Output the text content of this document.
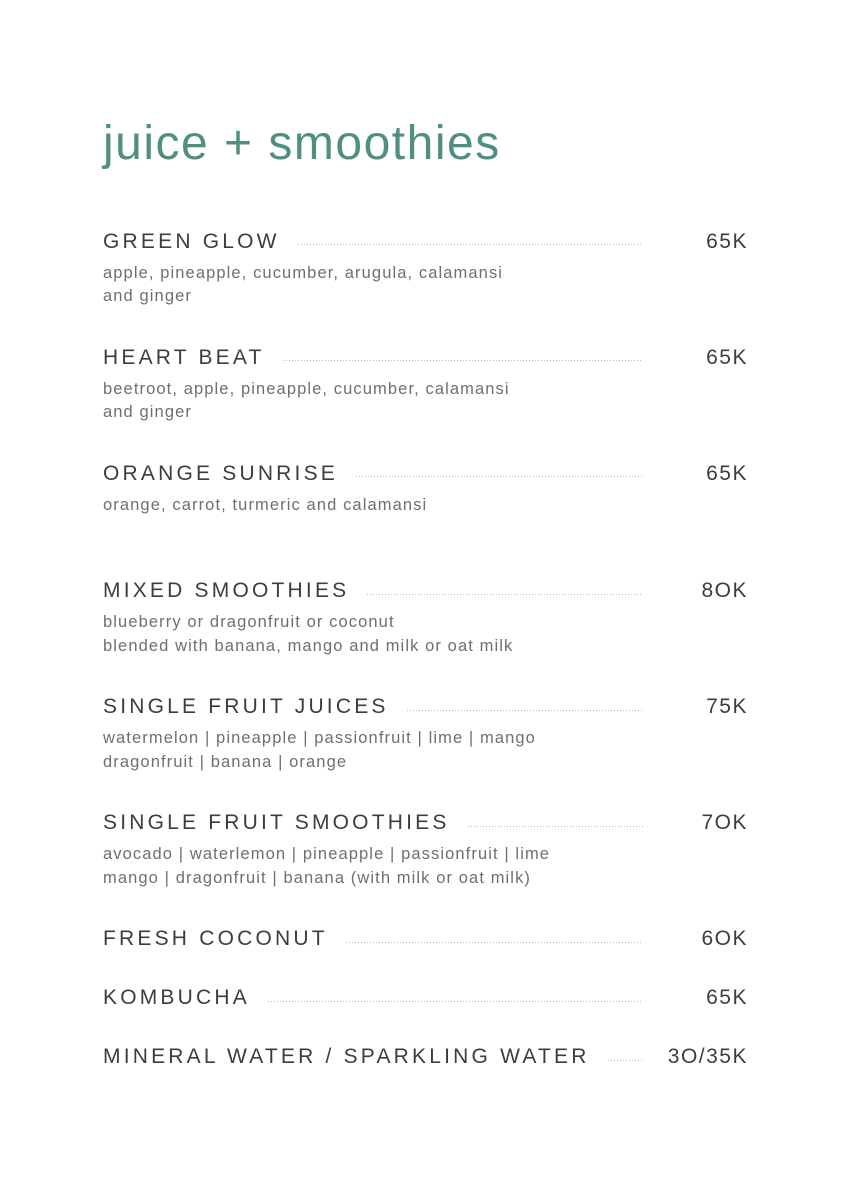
juice + smoothies
GREEN GLOW	65K
apple, pineapple, cucumber, arugula, calamansi
and ginger
HEART BEAT	65K
beetroot, apple, pineapple, cucumber, calamansi
and ginger
ORANGE SUNRISE	65K
orange, carrot, turmeric and calamansi
MIXED SMOOTHIES	8OK
blueberry or dragonfruit or coconut
blended with banana, mango and milk or oat milk
SINGLE FRUIT JUICES	75K
watermelon | pineapple | passionfruit | lime | mango
dragonfruit | banana | orange
SINGLE FRUIT SMOOTHIES	7OK
avocado | waterlemon | pineapple | passionfruit | lime
mango | dragonfruit | banana (with milk or oat milk)
FRESH COCONUT	6OK
KOMBUCHA	65K
MINERAL WATER / SPARKLING WATER	3O/35K
